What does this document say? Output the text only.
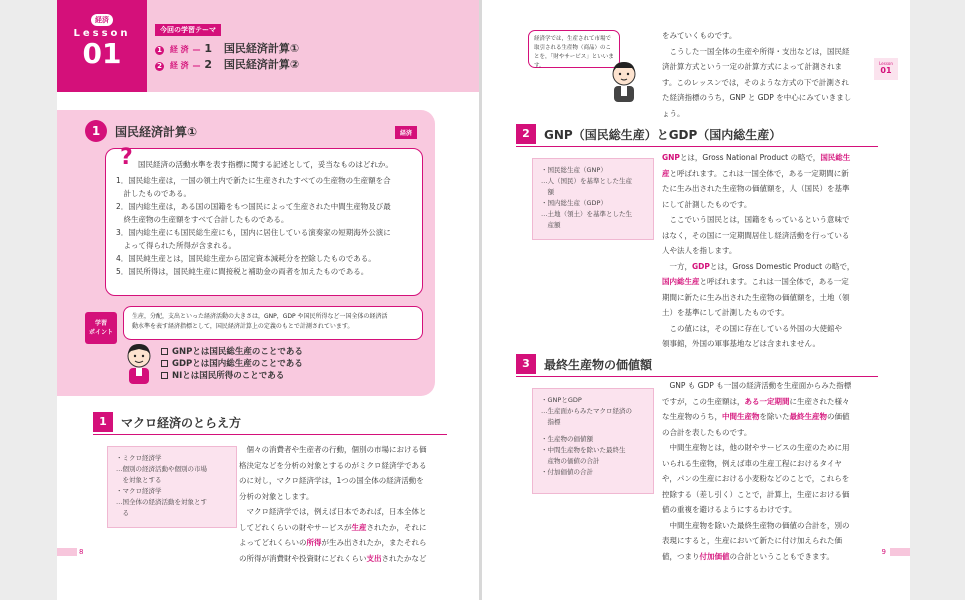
経済
Lesson
01
今回の学習テーマ
1 経 済 — 1 国民経済計算①
2 経 済 — 2 国民経済計算②
1	国民経済計算①	経済
? 国民経済の活動水準を表す指標に関する記述として，妥当なものはどれか。
1．国民総生産は，一国の領土内で新たに生産されたすべての生産物の生産額を合
　計したものである。
2．国内総生産は，ある国の国籍をもつ国民によって生産された中間生産物及び最
　終生産物の生産額をすべて合計したものである。
3．国内総生産にも国民総生産にも，国内に居住している演奏家の短期海外公演に
　よって得られた所得が含まれる。
4．国民純生産とは，国民総生産から固定資本減耗分を控除したものである。
5．国民所得は，国民純生産に間接税と補助金の両者を加えたものである。
学習
ポイント
生産，分配，支出といった経済活動の大きさは，GNP，GDP や国民所得など一国全体の経済活
動水準を表す経済指標として，国民経済計算上の定義のもとで計測されています。
GNPとは国民総生産のことである
GDPとは国内総生産のことである
NIとは国民所得のことである
1	マクロ経済のとらえ方
・ミクロ経済学
…個別の経済活動や個別の市場
　を対象とする
・マクロ経済学
…国全体の経済活動を対象とす
　る
　個々の消費者や生産者の行動，個別の市場における価
格決定などを分析の対象とするのがミクロ経済学である
のに対し，マクロ経済学は，1つの国全体の経済活動を
分析の対象とします。
　マクロ経済学では，例えば日本であれば，日本全体と
してどれくらいの財やサービスが生産されたか，それに
よってどれくらいの所得が生み出されたか，またそれら
の所得が消費財や投資財にどれくらい支出されたかなど
8
経済学では，生産されて市場で取引される生産物（商品）のことを，「財やサービス」といいます。
をみていくものです。
　こうした一国全体の生産や所得・支出などは，国民経
済計算方式という一定の計算方式によって計測されま
す。このレッスンでは，そのような方式の下で計測され
た経済指標のうち，GNP と GDP を中心にみていきまし
ょう。
Lesson
01
2	GNP（国民総生産）とGDP（国内総生産）
・国民総生産（GNP）
…人（国民）を基準とした生産
　額
・国内総生産（GDP）
…土地（領土）を基準とした生
　産額
GNPとは，Gross National Product の略で，国民総生
産と呼ばれます。これは一国全体で，ある一定期間に新
たに生み出された生産物の価値額を，人（国民）を基準
にして計測したものです。
　ここでいう国民とは，国籍をもっているという意味で
はなく，その国に一定期間居住し経済活動を行っている
人や法人を指します。
　一方，GDPとは，Gross Domestic Product の略で，
国内総生産と呼ばれます。これは一国全体で，ある一定
期間に新たに生み出された生産物の価値額を，土地（領
土）を基準にして計測したものです。
　この値には，その国に存在している外国の大使館や
領事館，外国の軍事基地などは含まれません。
3	最終生産物の価値額
・GNPとGDP
…生産面からみたマクロ経済の
　指標
・生産物の価値額
・中間生産物を除いた最終生
　産物の価値の合計
・付加価値の合計
　GNP も GDP も一国の経済活動を生産面からみた指標
ですが，この生産額は，ある一定期間に生産された様々
な生産物のうち，中間生産物を除いた最終生産物の価値
の合計を表したものです。
　中間生産物とは，他の財やサービスの生産のために用
いられる生産物，例えば車の生産工程におけるタイヤ
や，パンの生産における小麦粉などのことで，これらを
控除する（差し引く）ことで，計算上，生産における価
値の重複を避けるようにするわけです。
　中間生産物を除いた最終生産物の価値の合計を，別の
表現にすると，生産において新たに付け加えられた価
値，つまり付加価値の合計ということもできます。	9
